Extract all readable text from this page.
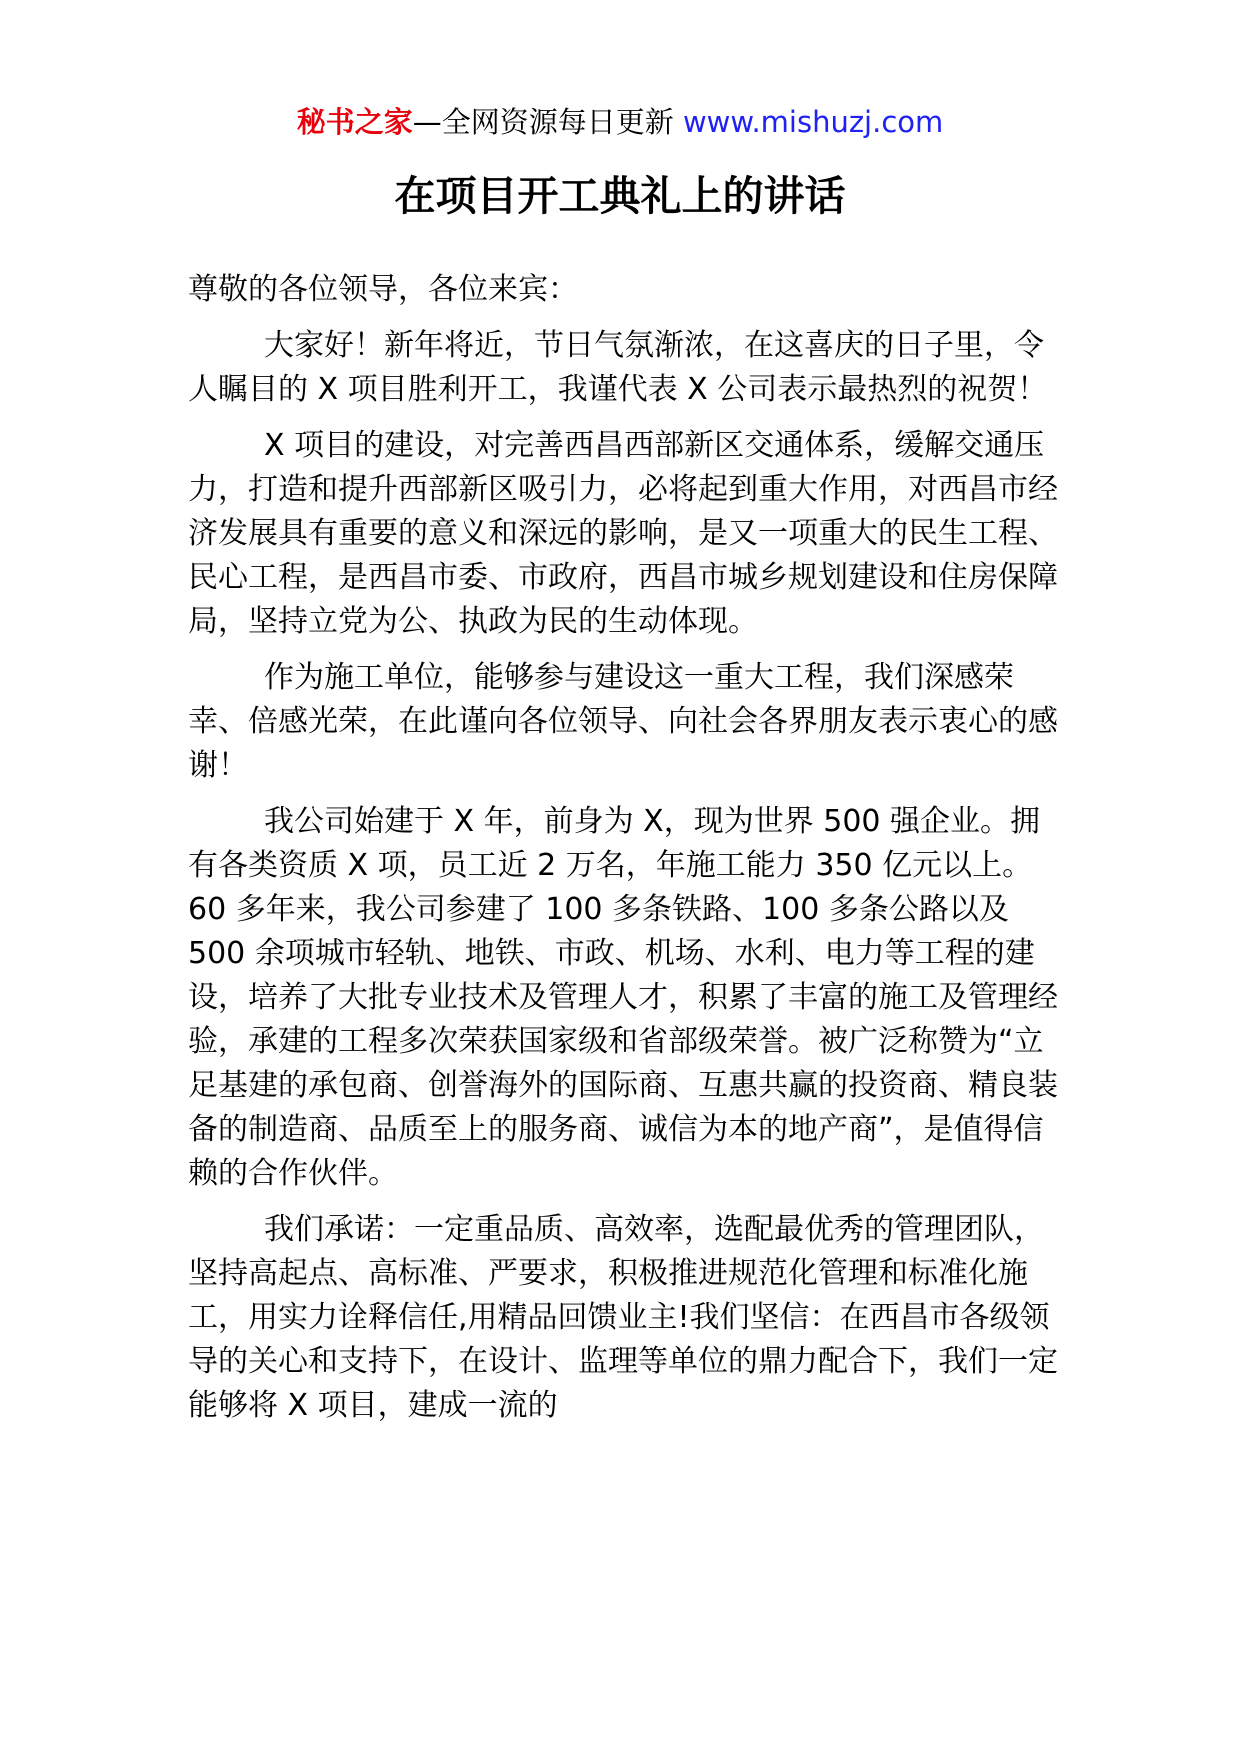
秘书之家—全网资源每日更新 www.mishuzj.com
在项目开工典礼上的讲话

尊敬的各位领导，各位来宾：

大家好！新年将近，节日气氛渐浓，在这喜庆的日子里，令人瞩目的 X 项目胜利开工，我谨代表 X 公司表示最热烈的祝贺！

X 项目的建设，对完善西昌西部新区交通体系，缓解交通压力，打造和提升西部新区吸引力，必将起到重大作用，对西昌市经济发展具有重要的意义和深远的影响，是又一项重大的民生工程、民心工程，是西昌市委、市政府，西昌市城乡规划建设和住房保障局，坚持立党为公、执政为民的生动体现。

作为施工单位，能够参与建设这一重大工程，我们深感荣幸、倍感光荣，在此谨向各位领导、向社会各界朋友表示衷心的感谢！

我公司始建于 X 年，前身为 X，现为世界 500 强企业。拥有各类资质 X 项，员工近 2 万名，年施工能力 350 亿元以上。60 多年来，我公司参建了 100 多条铁路、100 多条公路以及 500 余项城市轻轨、地铁、市政、机场、水利、电力等工程的建设，培养了大批专业技术及管理人才，积累了丰富的施工及管理经验，承建的工程多次荣获国家级和省部级荣誉。被广泛称赞为“立足基建的承包商、创誉海外的国际商、互惠共赢的投资商、精良装备的制造商、品质至上的服务商、诚信为本的地产商”，是值得信赖的合作伙伴。

我们承诺：一定重品质、高效率，选配最优秀的管理团队，坚持高起点、高标准、严要求，积极推进规范化管理和标准化施工，用实力诠释信任,用精品回馈业主!我们坚信：在西昌市各级领导的关心和支持下，在设计、监理等单位的鼎力配合下，我们一定能够将 X 项目，建成一流的
